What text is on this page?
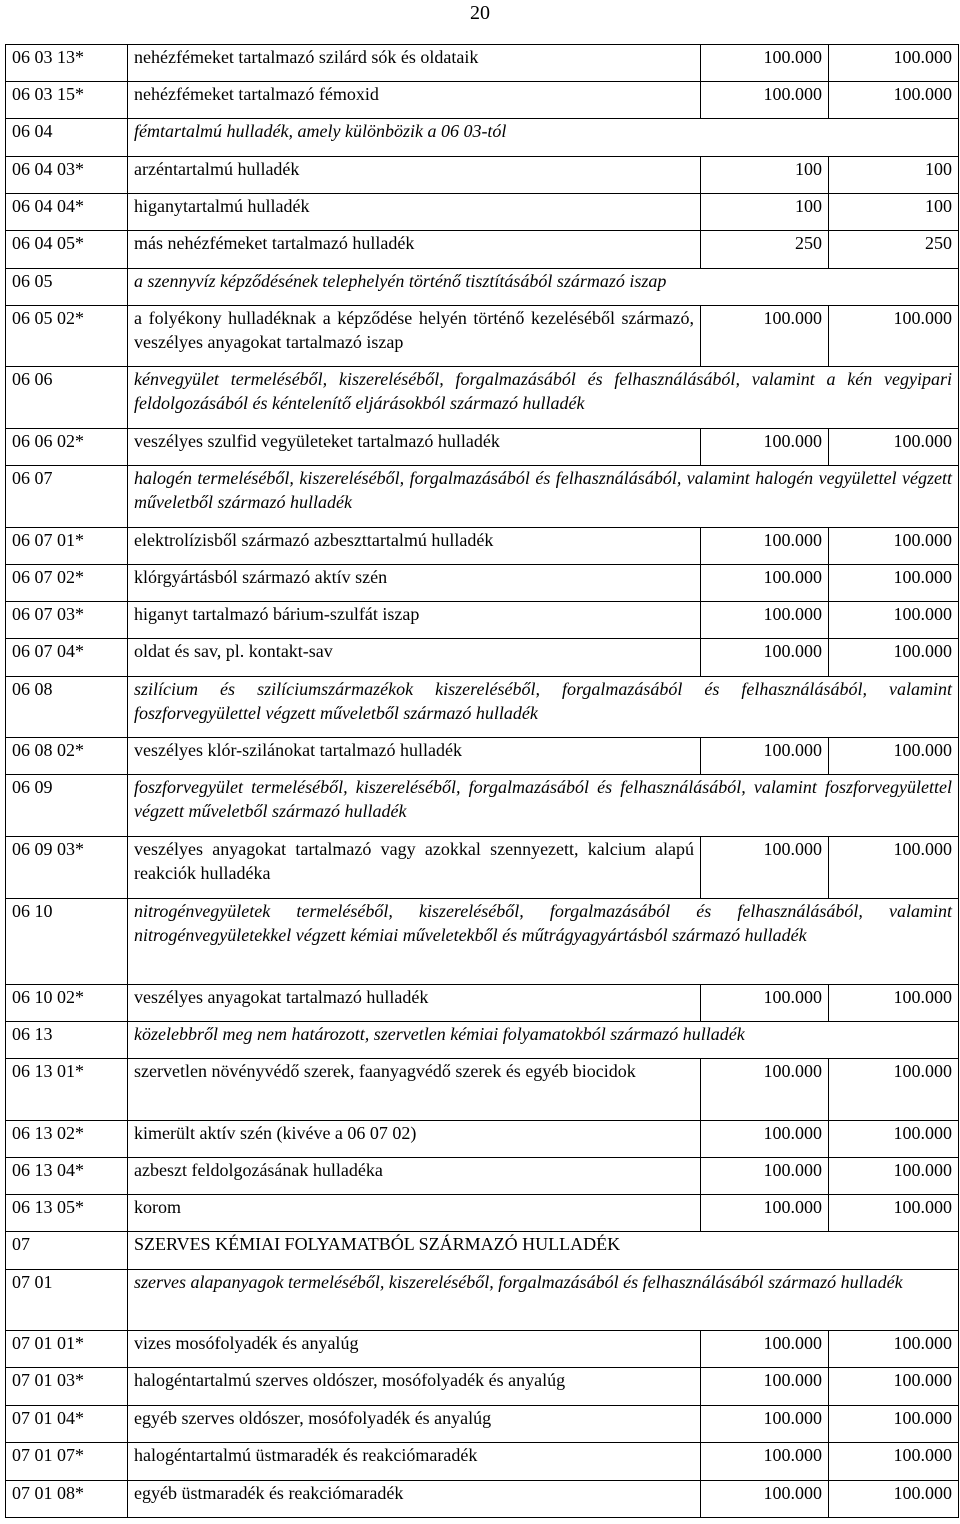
20
06 03 13*	nehézfémeket tartalmazó szilárd sók és oldataik	100.000	100.000
06 03 15*	nehézfémeket tartalmazó fémoxid	100.000	100.000
06 04	fémtartalmú hulladék, amely különbözik a 06 03-tól		
06 04 03*	arzéntartalmú hulladék	100	100
06 04 04*	higanytartalmú hulladék	100	100
06 04 05*	más nehézfémeket tartalmazó hulladék	250	250
06 05	a szennyvíz képződésének telephelyén történő tisztításából származó iszap		
06 05 02*	a folyékony hulladéknak a képződése helyén történő kezeléséből származó, veszélyes anyagokat tartalmazó iszap	100.000	100.000
06 06	kénvegyület termeléséből, kiszereléséből, forgalmazásából és felhasználásából, valamint a kén vegyipari feldolgozásából és kéntelenítő eljárásokból származó hulladék		
06 06 02*	veszélyes szulfid vegyületeket tartalmazó hulladék	100.000	100.000
06 07	halogén termeléséből, kiszereléséből, forgalmazásából és felhasználásából, valamint halogén vegyülettel végzett műveletből származó hulladék		
06 07 01*	elektrolízisből származó azbeszttartalmú hulladék	100.000	100.000
06 07 02*	klórgyártásból származó aktív szén	100.000	100.000
06 07 03*	higanyt tartalmazó bárium-szulfát iszap	100.000	100.000
06 07 04*	oldat és sav, pl. kontakt-sav	100.000	100.000
06 08	szilícium és szilíciumszármazékok kiszereléséből, forgalmazásából és felhasználásából, valamint foszforvegyülettel végzett műveletből származó hulladék		
06 08 02*	veszélyes klór-szilánokat tartalmazó hulladék	100.000	100.000
06 09	foszforvegyület termeléséből, kiszereléséből, forgalmazásából és felhasználásából, valamint foszforvegyülettel végzett műveletből származó hulladék		
06 09 03*	veszélyes anyagokat tartalmazó vagy azokkal szennyezett, kalcium alapú reakciók hulladéka	100.000	100.000
06 10	nitrogénvegyületek termeléséből, kiszereléséből, forgalmazásából és felhasználásából, valamint nitrogénvegyületekkel végzett kémiai műveletekből és műtrágyagyártásból származó hulladék		
06 10 02*	veszélyes anyagokat tartalmazó hulladék	100.000	100.000
06 13	közelebbről meg nem határozott, szervetlen kémiai folyamatokból származó hulladék		
06 13 01*	szervetlen növényvédő szerek, faanyagvédő szerek és egyéb biocidok	100.000	100.000
06 13 02*	kimerült aktív szén (kivéve a 06 07 02)	100.000	100.000
06 13 04*	azbeszt feldolgozásának hulladéka	100.000	100.000
06 13 05*	korom	100.000	100.000
07	SZERVES KÉMIAI FOLYAMATBÓL SZÁRMAZÓ HULLADÉK		
07 01	szerves alapanyagok termeléséből, kiszereléséből, forgalmazásából és felhasználásából származó hulladék		
07 01 01*	vizes mosófolyadék és anyalúg	100.000	100.000
07 01 03*	halogéntartalmú szerves oldószer, mosófolyadék és anyalúg	100.000	100.000
07 01 04*	egyéb szerves oldószer, mosófolyadék és anyalúg	100.000	100.000
07 01 07*	halogéntartalmú üstmaradék és reakciómaradék	100.000	100.000
07 01 08*	egyéb üstmaradék és reakciómaradék	100.000	100.000
